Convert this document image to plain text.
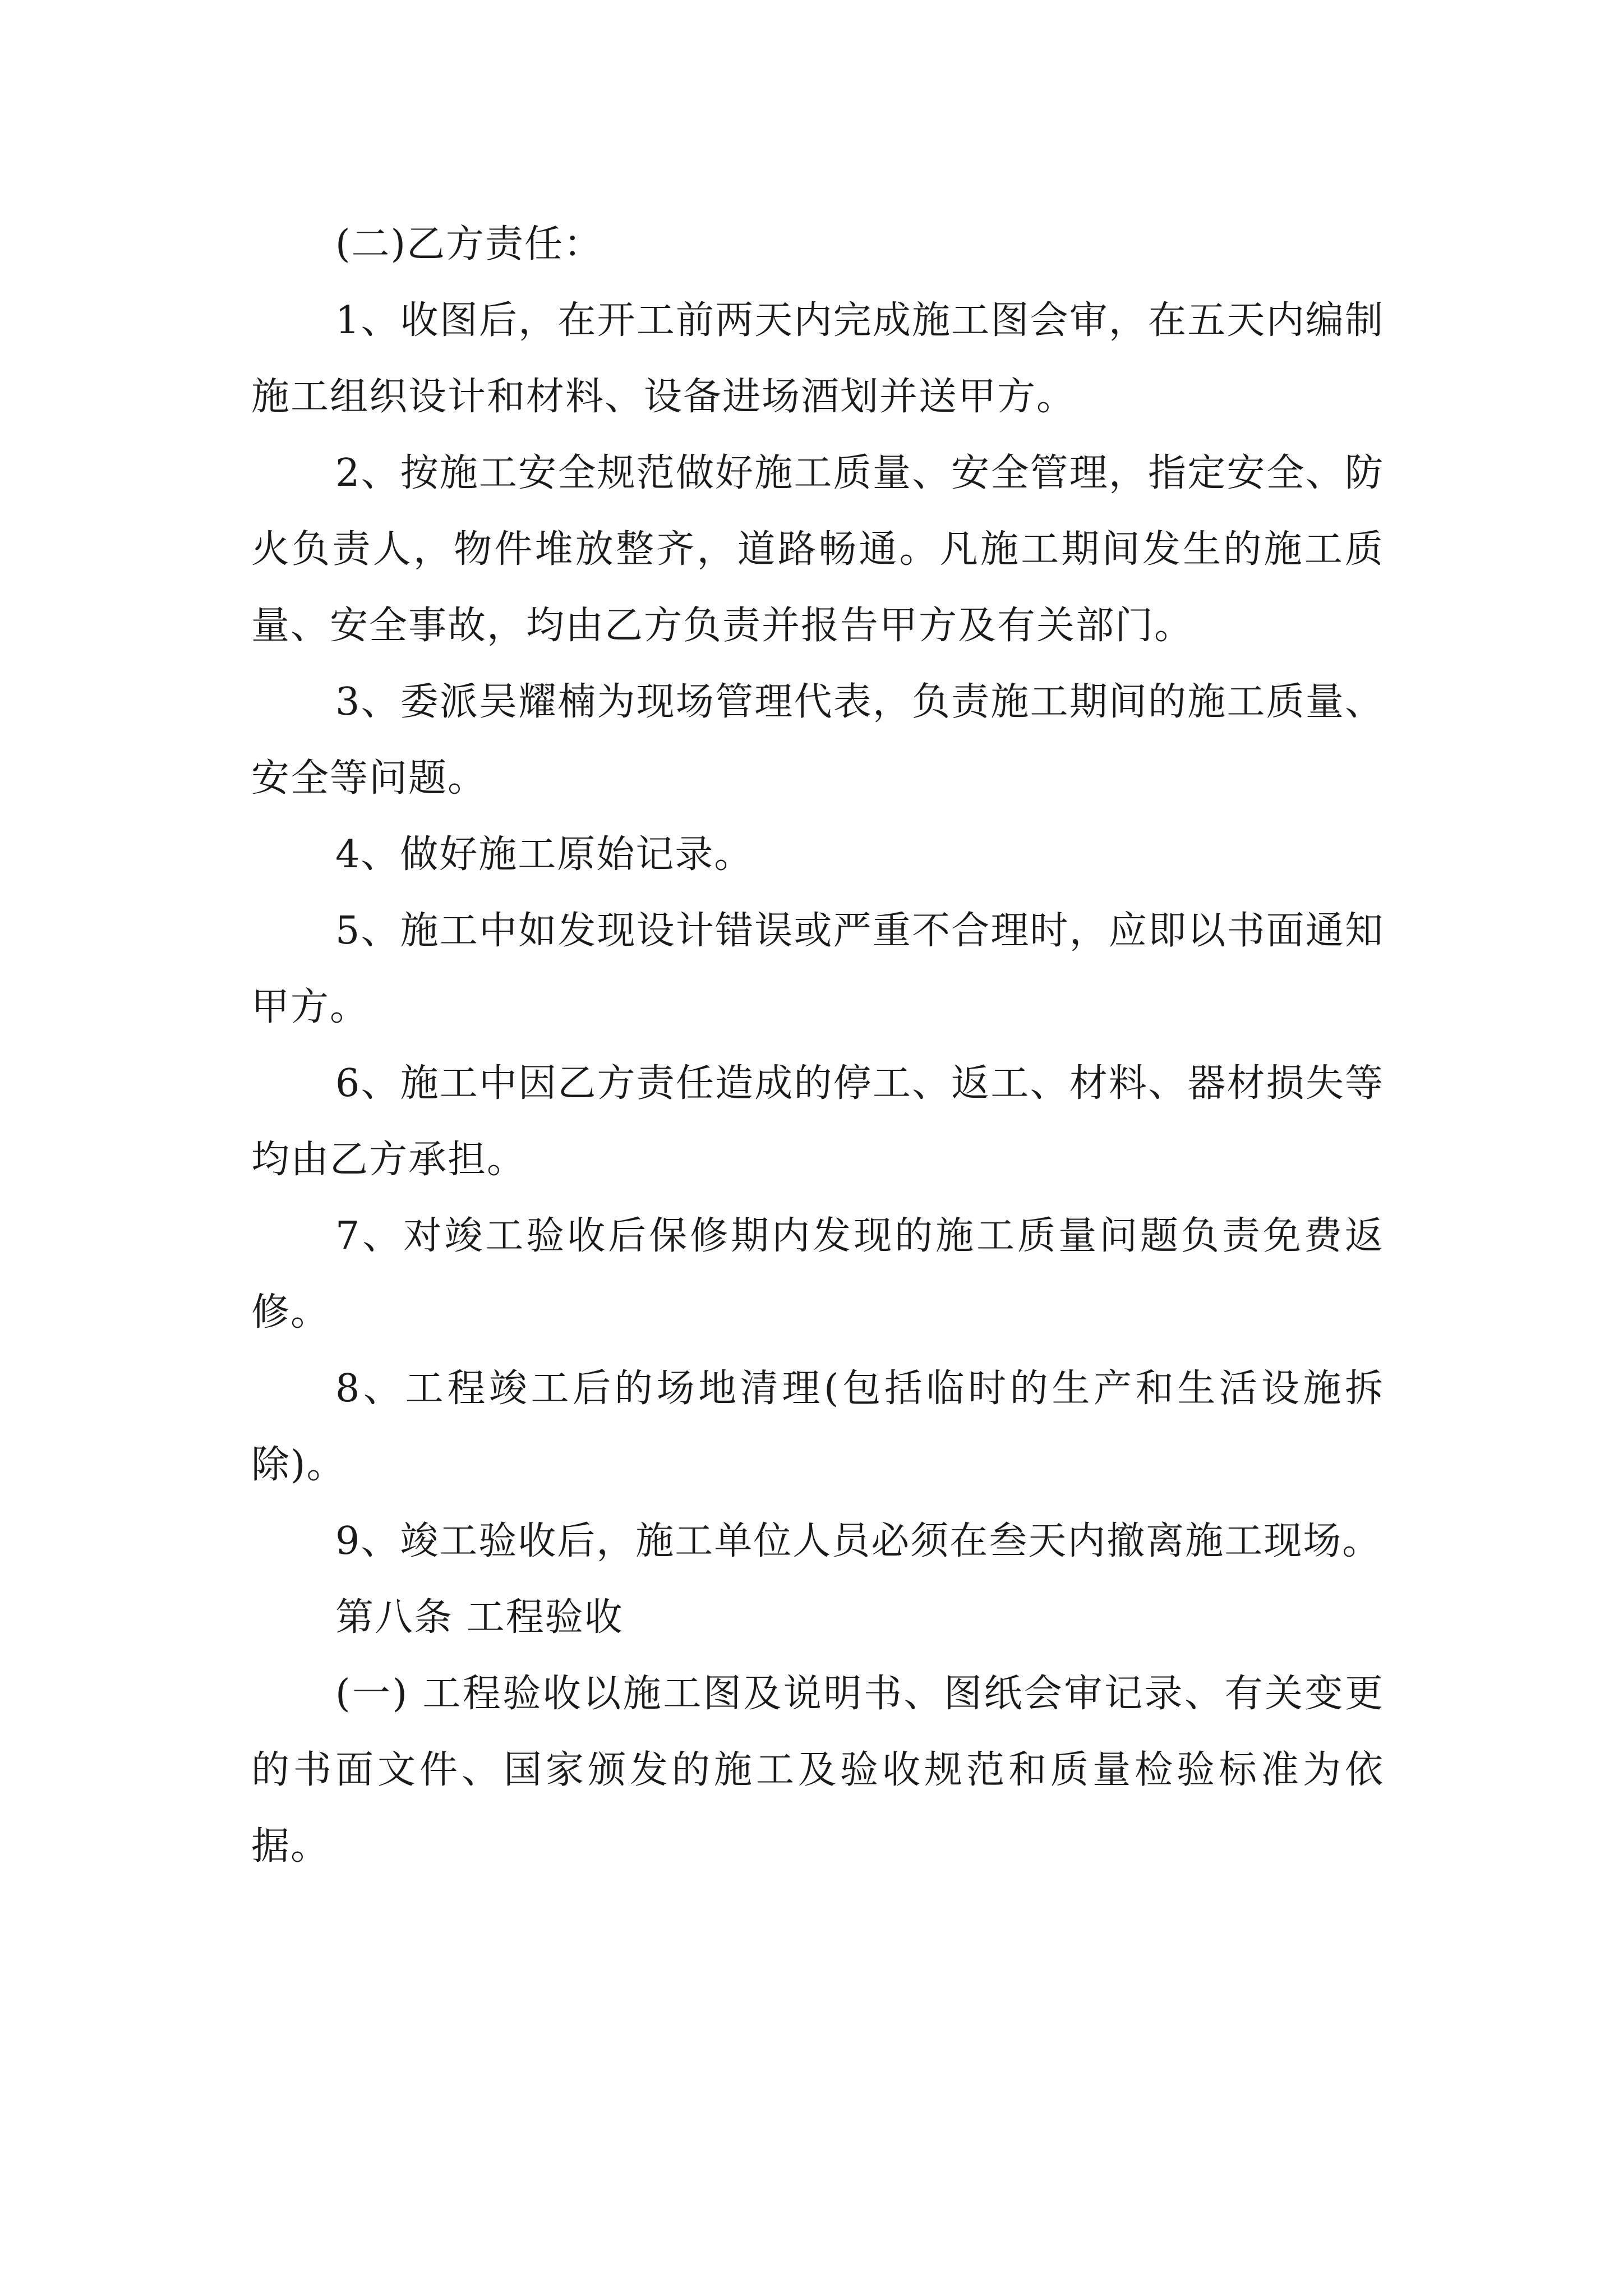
(二)乙方责任：

1、收图后，在开工前两天内完成施工图会审，在五天内编制施工组织设计和材料、设备进场酒划并送甲方。

2、按施工安全规范做好施工质量、安全管理，指定安全、防火负责人，物件堆放整齐，道路畅通。凡施工期间发生的施工质量、安全事故，均由乙方负责并报告甲方及有关部门。

3、委派吴耀楠为现场管理代表，负责施工期间的施工质量、安全等问题。

4、做好施工原始记录。

5、施工中如发现设计错误或严重不合理时，应即以书面通知甲方。

6、施工中因乙方责任造成的停工、返工、材料、器材损失等均由乙方承担。

7、对竣工验收后保修期内发现的施工质量问题负责免费返修。

8、工程竣工后的场地清理(包括临时的生产和生活设施拆除)。

9、竣工验收后，施工单位人员必须在叁天内撤离施工现场。

第八条 工程验收

(一) 工程验收以施工图及说明书、图纸会审记录、有关变更的书面文件、国家颁发的施工及验收规范和质量检验标准为依据。
